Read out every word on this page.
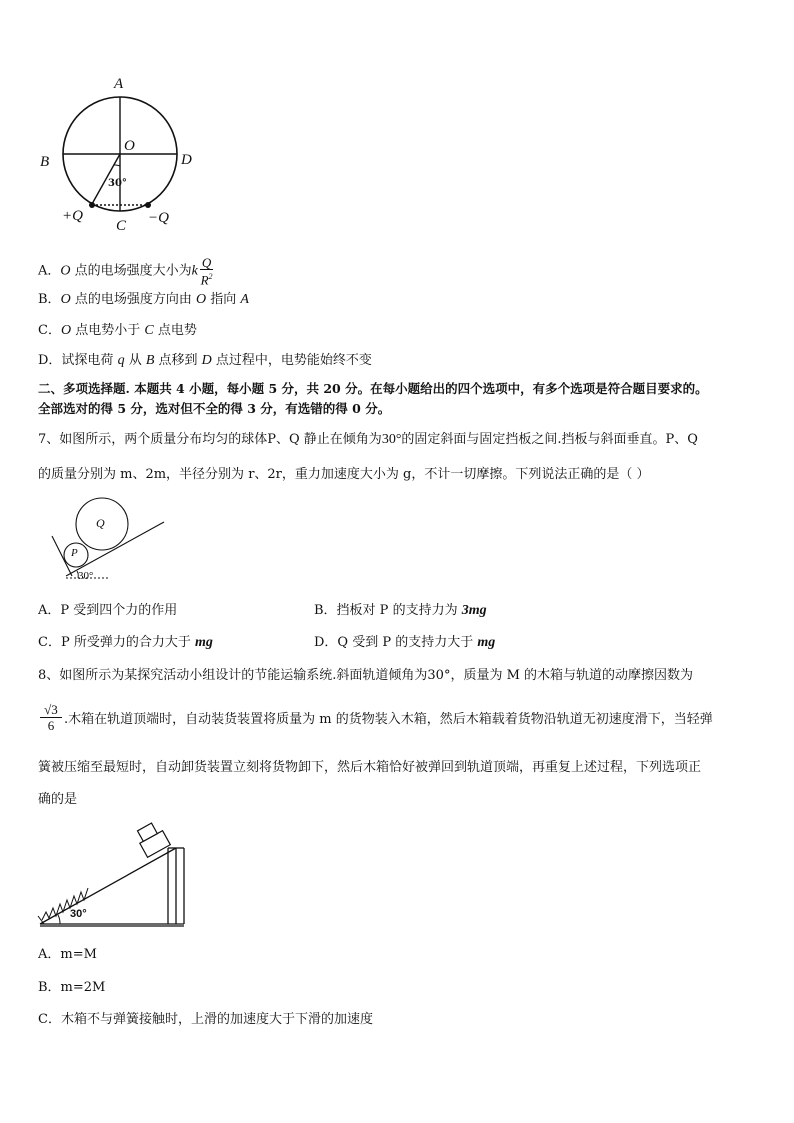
A
B
O
D
30°
+Q
C −Q
A．O 点的电场强度大小为k $\frac{Q}{R^2}$
B．O 点的电场强度方向由 O 指向 A
C．O 点电势小于 C 点电势
D．试探电荷 q 从 B 点移到 D 点过程中，电势能始终不变
二、多项选择题. 本题共 4 小题，每小题 5 分，共 20 分。在每小题给出的四个选项中，有多个选项是符合题目要求的。
全部选对的得 5 分，选对但不全的得 3 分，有选错的得 0 分。
7、如图所示，两个质量分布均匀的球体P、Q 静止在倾角为30°的固定斜面与固定挡板之间.挡板与斜面垂直。P、Q
的质量分别为 m、2m，半径分别为 r、2r，重力加速度大小为 g，不计一切摩擦。下列说法正确的是（ ）
P
Q
30°
A．P 受到四个力的作用	B．挡板对 P 的支持力为 3mg
C．P 所受弹力的合力大于 mg	D．Q 受到 P 的支持力大于 mg
8、如图所示为某探究活动小组设计的节能运输系统.斜面轨道倾角为30°，质量为 M 的木箱与轨道的动摩擦因数为
$\frac{√3}{6}$ .木箱在轨道顶端时，自动装货装置将质量为 m 的货物装入木箱，然后木箱载着货物沿轨道无初速度滑下，当轻弹
簧被压缩至最短时，自动卸货装置立刻将货物卸下，然后木箱恰好被弹回到轨道顶端，再重复上述过程，下列选项正
确的是
30°
A．m=M
B．m=2M
C．木箱不与弹簧接触时，上滑的加速度大于下滑的加速度
